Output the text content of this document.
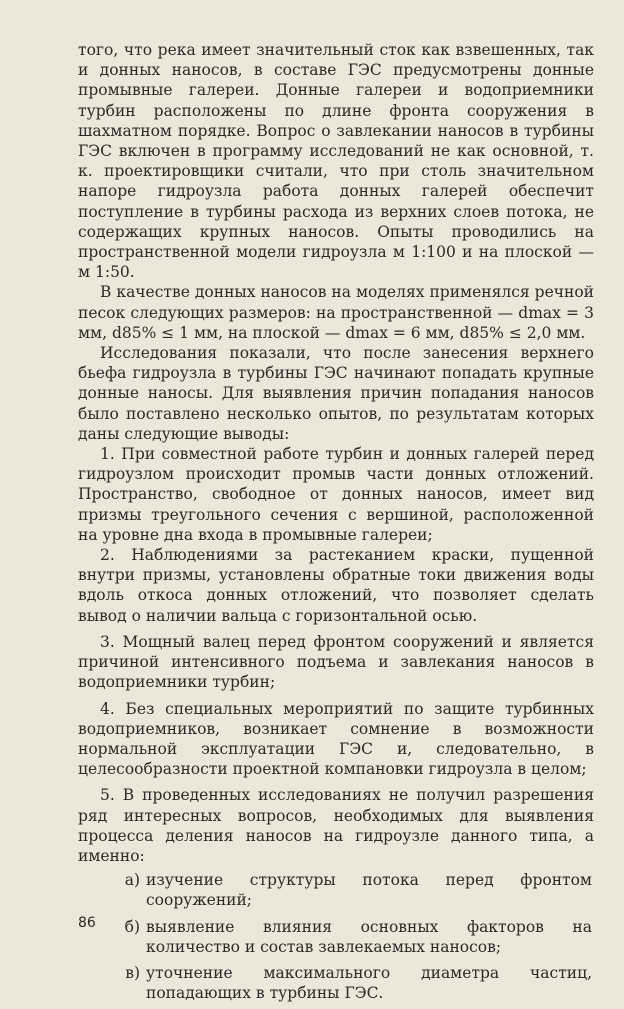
того, что река имеет значительный сток как взвешенных, так и донных наносов, в составе ГЭС предусмотрены донные промывные галереи. Донные галереи и водоприемники турбин расположены по длине фронта сооружения в шахматном порядке. Вопрос о завлекании наносов в турбины ГЭС включен в программу исследований не как основной, т. к. проектировщики считали, что при столь значительном напоре гидроузла работа донных галерей обеспечит поступление в турбины расхода из верхних слоев потока, не содержащих крупных наносов. Опыты проводились на пространственной модели гидроузла м 1:100 и на плоской — м 1:50.

В качестве донных наносов на моделях применялся речной песок следующих размеров: на пространственной — dmax = 3 мм, d85% ≤ 1 мм, на плоской — dmax = 6 мм, d85% ≤ 2,0 мм.

Исследования показали, что после занесения верхнего бьефа гидроузла в турбины ГЭС начинают попадать крупные донные наносы. Для выявления причин попадания наносов было поставлено несколько опытов, по результатам которых даны следующие выводы:

1. При совместной работе турбин и донных галерей перед гидроузлом происходит промыв части донных отложений. Пространство, свободное от донных наносов, имеет вид призмы треугольного сечения с вершиной, расположенной на уровне дна входа в промывные галереи;

2. Наблюдениями за растеканием краски, пущенной внутри призмы, установлены обратные токи движения воды вдоль откоса донных отложений, что позволяет сделать вывод о наличии вальца с горизонтальной осью.

3. Мощный валец перед фронтом сооружений и является причиной интенсивного подъема и завлекания наносов в водоприемники турбин;

4. Без специальных мероприятий по защите турбинных водоприемников, возникает сомнение в возможности нормальной эксплуатации ГЭС и, следовательно, в целесообразности проектной компановки гидроузла в целом;

5. В проведенных исследованиях не получил разрешения ряд интересных вопросов, необходимых для выявления процесса деления наносов на гидроузле данного типа, а именно:

а) изучение структуры потока перед фронтом сооружений;
б) выявление влияния основных факторов на количество и состав завлекаемых наносов;
в) уточнение максимального диаметра частиц, попадающих в турбины ГЭС.
86
